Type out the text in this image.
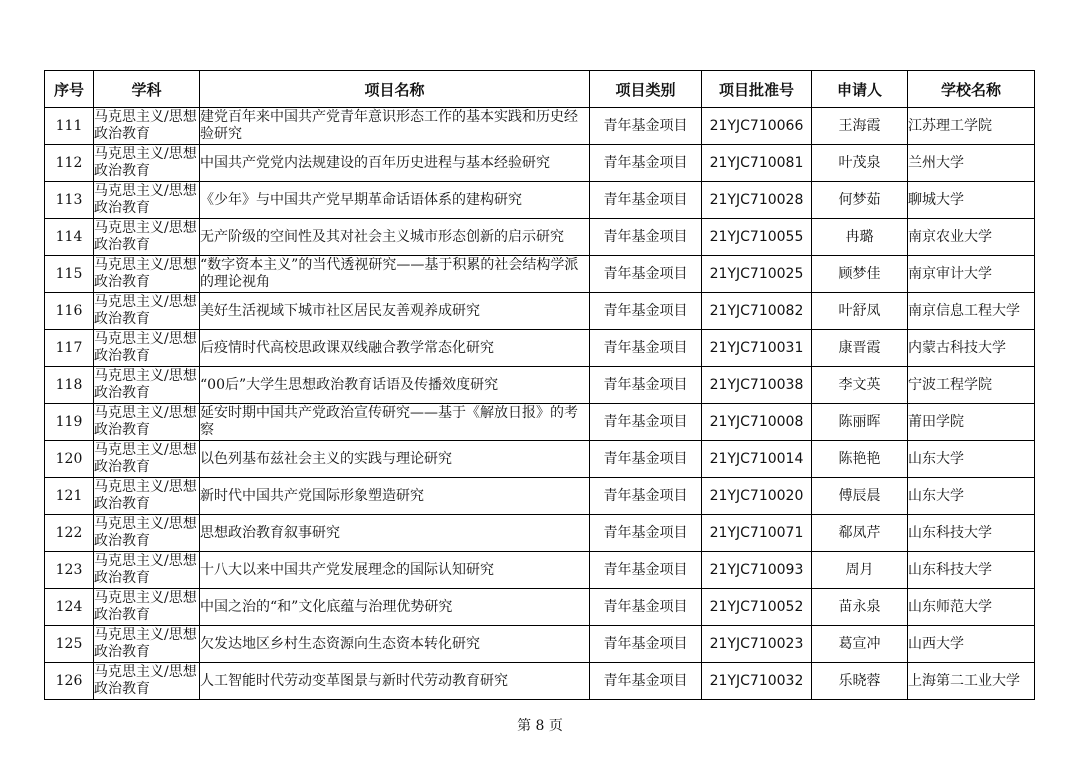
序号	学科	项目名称	项目类别	项目批准号	申请人	学校名称
111	马克思主义/思想政治教育	建党百年来中国共产党青年意识形态工作的基本实践和历史经验研究	青年基金项目	21YJC710066	王海霞	江苏理工学院
112	马克思主义/思想政治教育	中国共产党党内法规建设的百年历史进程与基本经验研究	青年基金项目	21YJC710081	叶茂泉	兰州大学
113	马克思主义/思想政治教育	《少年》与中国共产党早期革命话语体系的建构研究	青年基金项目	21YJC710028	何梦茹	聊城大学
114	马克思主义/思想政治教育	无产阶级的空间性及其对社会主义城市形态创新的启示研究	青年基金项目	21YJC710055	冉璐	南京农业大学
115	马克思主义/思想政治教育	“数字资本主义”的当代透视研究——基于积累的社会结构学派的理论视角	青年基金项目	21YJC710025	顾梦佳	南京审计大学
116	马克思主义/思想政治教育	美好生活视域下城市社区居民友善观养成研究	青年基金项目	21YJC710082	叶舒凤	南京信息工程大学
117	马克思主义/思想政治教育	后疫情时代高校思政课双线融合教学常态化研究	青年基金项目	21YJC710031	康晋霞	内蒙古科技大学
118	马克思主义/思想政治教育	“00后”大学生思想政治教育话语及传播效度研究	青年基金项目	21YJC710038	李文英	宁波工程学院
119	马克思主义/思想政治教育	延安时期中国共产党政治宣传研究——基于《解放日报》的考察	青年基金项目	21YJC710008	陈丽晖	莆田学院
120	马克思主义/思想政治教育	以色列基布兹社会主义的实践与理论研究	青年基金项目	21YJC710014	陈艳艳	山东大学
121	马克思主义/思想政治教育	新时代中国共产党国际形象塑造研究	青年基金项目	21YJC710020	傅辰晨	山东大学
122	马克思主义/思想政治教育	思想政治教育叙事研究	青年基金项目	21YJC710071	郗凤芹	山东科技大学
123	马克思主义/思想政治教育	十八大以来中国共产党发展理念的国际认知研究	青年基金项目	21YJC710093	周月	山东科技大学
124	马克思主义/思想政治教育	中国之治的“和”文化底蕴与治理优势研究	青年基金项目	21YJC710052	苗永泉	山东师范大学
125	马克思主义/思想政治教育	欠发达地区乡村生态资源向生态资本转化研究	青年基金项目	21YJC710023	葛宣冲	山西大学
126	马克思主义/思想政治教育	人工智能时代劳动变革图景与新时代劳动教育研究	青年基金项目	21YJC710032	乐晓蓉	上海第二工业大学
第 8 页
